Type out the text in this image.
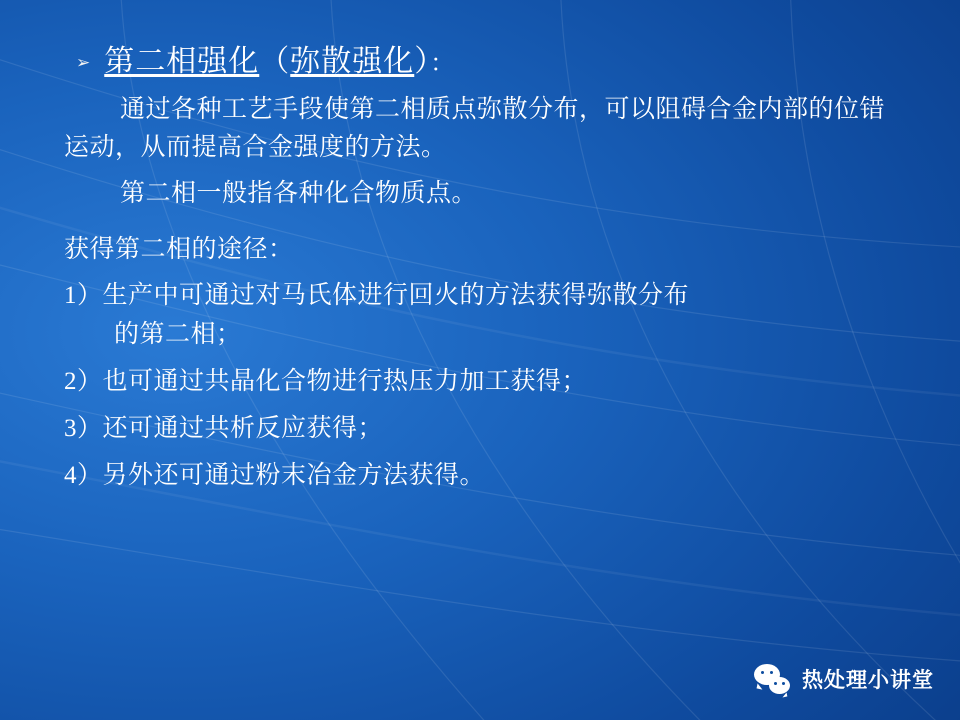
➢ 第二相强化（弥散强化）：

通过各种工艺手段使第二相质点弥散分布，可以阻碍合金内部的位错运动，从而提高合金强度的方法。

第二相一般指各种化合物质点。

获得第二相的途径：

1）生产中可通过对马氏体进行回火的方法获得弥散分布
的第二相；
2）也可通过共晶化合物进行热压力加工获得；
3）还可通过共析反应获得；
4）另外还可通过粉末冶金方法获得。
热处理小讲堂
